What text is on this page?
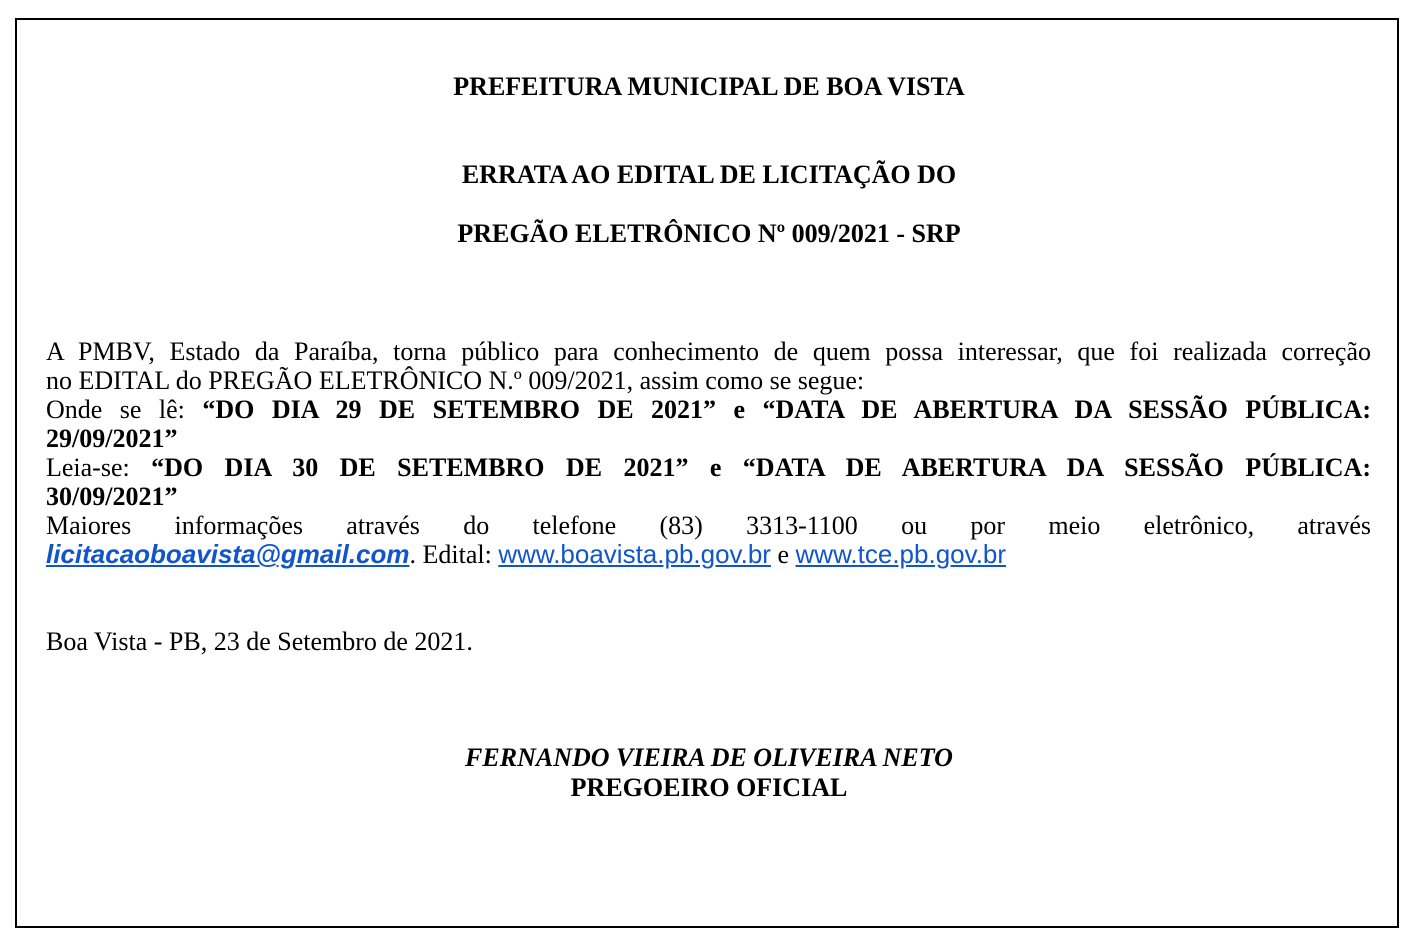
PREFEITURA MUNICIPAL DE BOA VISTA
ERRATA AO EDITAL DE LICITAÇÃO DO
PREGÃO ELETRÔNICO Nº 009/2021 - SRP

A PMBV, Estado da Paraíba, torna público para conhecimento de quem possa interessar, que foi realizada correção

no EDITAL do PREGÃO ELETRÔNICO N.º 009/2021, assim como se segue:

Onde se lê: “DO DIA 29 DE SETEMBRO DE 2021” e “DATA DE ABERTURA DA SESSÃO PÚBLICA:

29/09/2021”

Leia-se: “DO DIA 30 DE SETEMBRO DE 2021” e “DATA DE ABERTURA DA SESSÃO PÚBLICA:

30/09/2021”

Maiores informações através do telefone (83) 3313-1100 ou por meio eletrônico, através

licitacaoboavista@gmail.com. Edital: www.boavista.pb.gov.br e www.tce.pb.gov.br

Boa Vista - PB, 23 de Setembro de 2021.

FERNANDO VIEIRA DE OLIVEIRA NETO
PREGOEIRO OFICIAL
